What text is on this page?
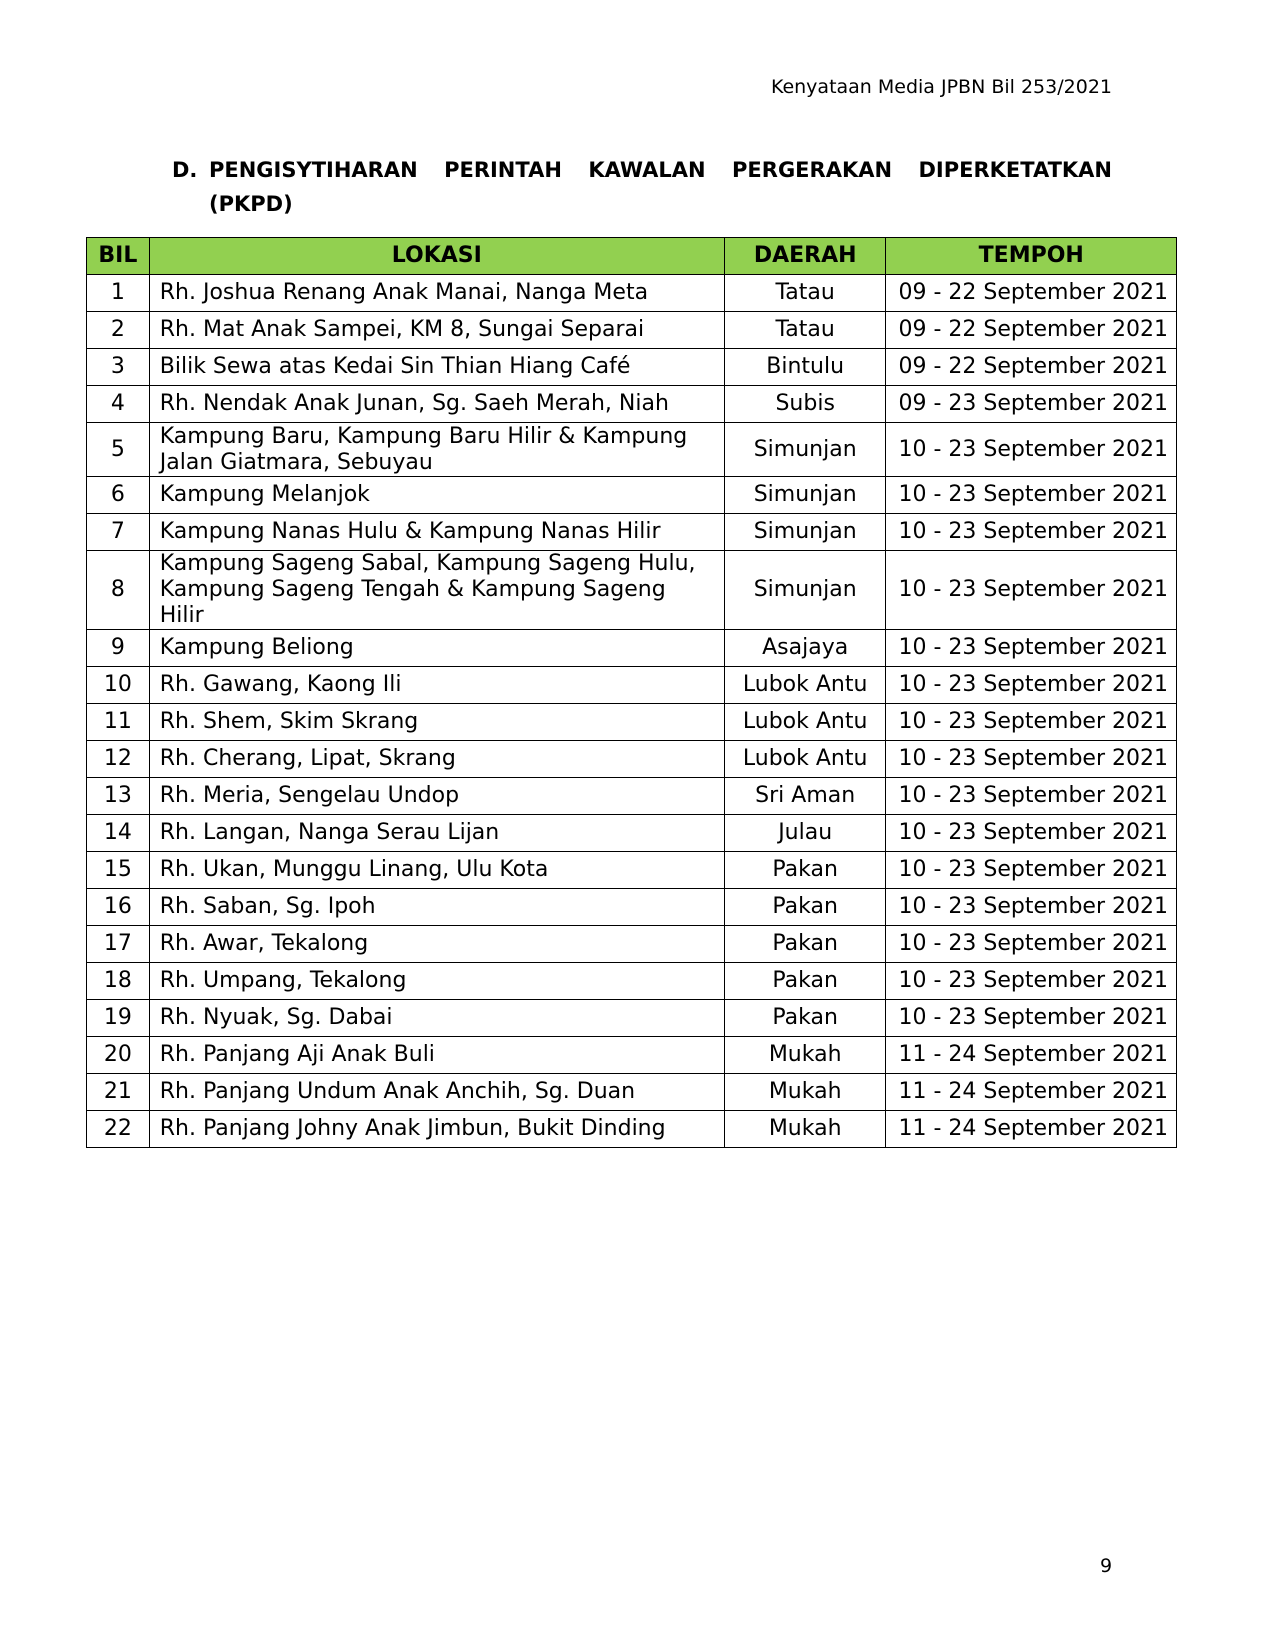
Kenyataan Media JPBN Bil 253/2021
D. PENGISYTIHARAN PERINTAH KAWALAN PERGERAKAN DIPERKETATKAN
(PKPD)
BIL	LOKASI	DAERAH	TEMPOH
1	Rh. Joshua Renang Anak Manai, Nanga Meta	Tatau	09 - 22 September 2021
2	Rh. Mat Anak Sampei, KM 8, Sungai Separai	Tatau	09 - 22 September 2021
3	Bilik Sewa atas Kedai Sin Thian Hiang Café	Bintulu	09 - 22 September 2021
4	Rh. Nendak Anak Junan, Sg. Saeh Merah, Niah	Subis	09 - 23 September 2021
5	Kampung Baru, Kampung Baru Hilir & Kampung Jalan Giatmara, Sebuyau	Simunjan	10 - 23 September 2021
6	Kampung Melanjok	Simunjan	10 - 23 September 2021
7	Kampung Nanas Hulu & Kampung Nanas Hilir	Simunjan	10 - 23 September 2021
8	Kampung Sageng Sabal, Kampung Sageng Hulu, Kampung Sageng Tengah & Kampung Sageng Hilir	Simunjan	10 - 23 September 2021
9	Kampung Beliong	Asajaya	10 - 23 September 2021
10	Rh. Gawang, Kaong Ili	Lubok Antu	10 - 23 September 2021
11	Rh. Shem, Skim Skrang	Lubok Antu	10 - 23 September 2021
12	Rh. Cherang, Lipat, Skrang	Lubok Antu	10 - 23 September 2021
13	Rh. Meria, Sengelau Undop	Sri Aman	10 - 23 September 2021
14	Rh. Langan, Nanga Serau Lijan	Julau	10 - 23 September 2021
15	Rh. Ukan, Munggu Linang, Ulu Kota	Pakan	10 - 23 September 2021
16	Rh. Saban, Sg. Ipoh	Pakan	10 - 23 September 2021
17	Rh. Awar, Tekalong	Pakan	10 - 23 September 2021
18	Rh. Umpang, Tekalong	Pakan	10 - 23 September 2021
19	Rh. Nyuak, Sg. Dabai	Pakan	10 - 23 September 2021
20	Rh. Panjang Aji Anak Buli	Mukah	11 - 24 September 2021
21	Rh. Panjang Undum Anak Anchih, Sg. Duan	Mukah	11 - 24 September 2021
22	Rh. Panjang Johny Anak Jimbun, Bukit Dinding	Mukah	11 - 24 September 2021
9
